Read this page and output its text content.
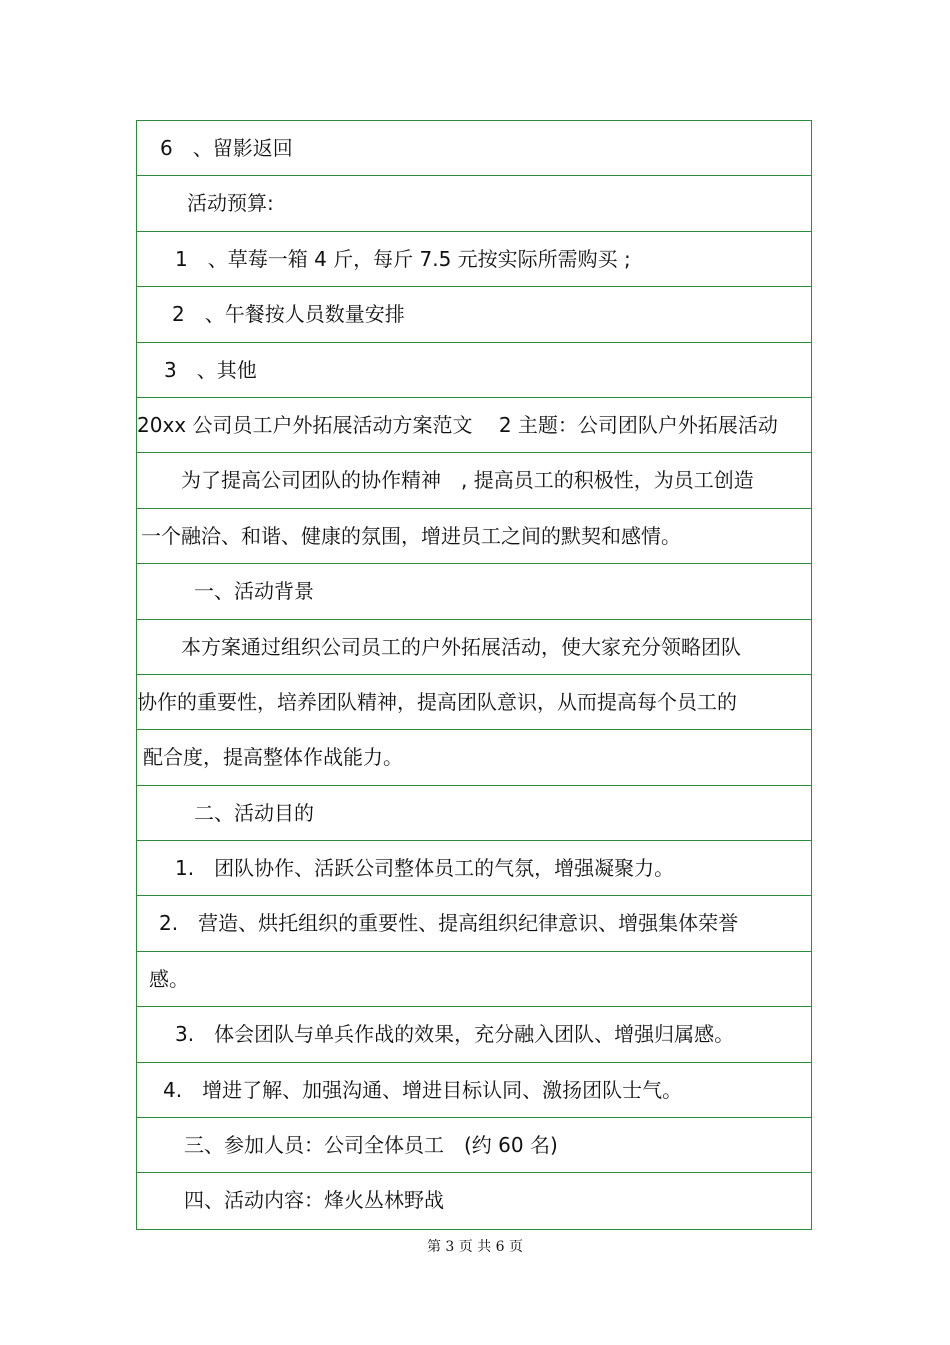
6　、留影返回
活动预算:
1　、草莓一箱 4 斤，每斤 7.5 元按实际所需购买 ;
2　、午餐按人员数量安排
3　、其他
20xx 公司员工户外拓展活动方案范文　 2 主题：公司团队户外拓展活动
为了提高公司团队的协作精神　, 提高员工的积极性，为员工创造
一个融洽、和谐、健康的氛围，增进员工之间的默契和感情。
一、活动背景
本方案通过组织公司员工的户外拓展活动，使大家充分领略团队
协作的重要性，培养团队精神，提高团队意识，从而提高每个员工的
配合度，提高整体作战能力。
二、活动目的
1.　团队协作、活跃公司整体员工的气氛，增强凝聚力。
2.　营造、烘托组织的重要性、提高组织纪律意识、增强集体荣誉
感。
3.　体会团队与单兵作战的效果，充分融入团队、增强归属感。
4.　增进了解、加强沟通、增进目标认同、激扬团队士气。
三、参加人员：公司全体员工　(约 60 名)
四、活动内容：烽火丛林野战
第 3 页 共 6 页
